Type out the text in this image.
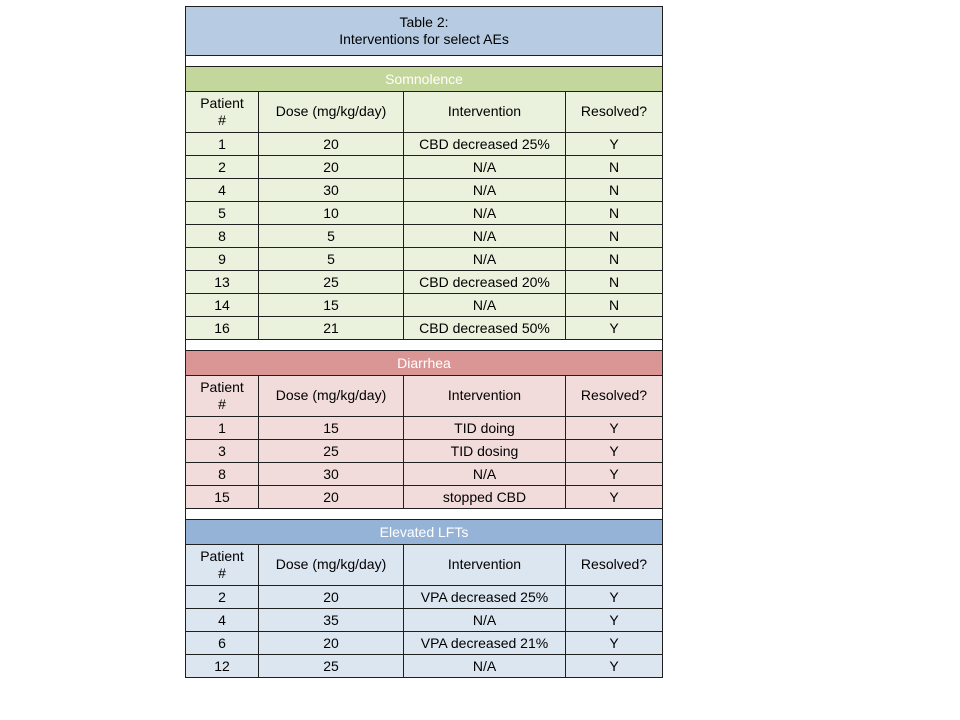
Table 2:
Interventions for select AEs			

Somnolence			

Patient
#	Dose (mg/kg/day)	Intervention	Resolved?

1	20	CBD decreased 25%	Y
2	20	N/A	N
4	30	N/A	N
5	10	N/A	N
8	5	N/A	N
9	5	N/A	N
13	25	CBD decreased 20%	N
14	15	N/A	N
16	21	CBD decreased 50%	Y

Diarrhea			

Patient
#	Dose (mg/kg/day)	Intervention	Resolved?

1	15	TID doing	Y
3	25	TID dosing	Y
8	30	N/A	Y
15	20	stopped CBD	Y

Elevated LFTs			

Patient
#	Dose (mg/kg/day)	Intervention	Resolved?

2	20	VPA decreased 25%	Y
4	35	N/A	Y
6	20	VPA decreased 21%	Y
12	25	N/A	Y
